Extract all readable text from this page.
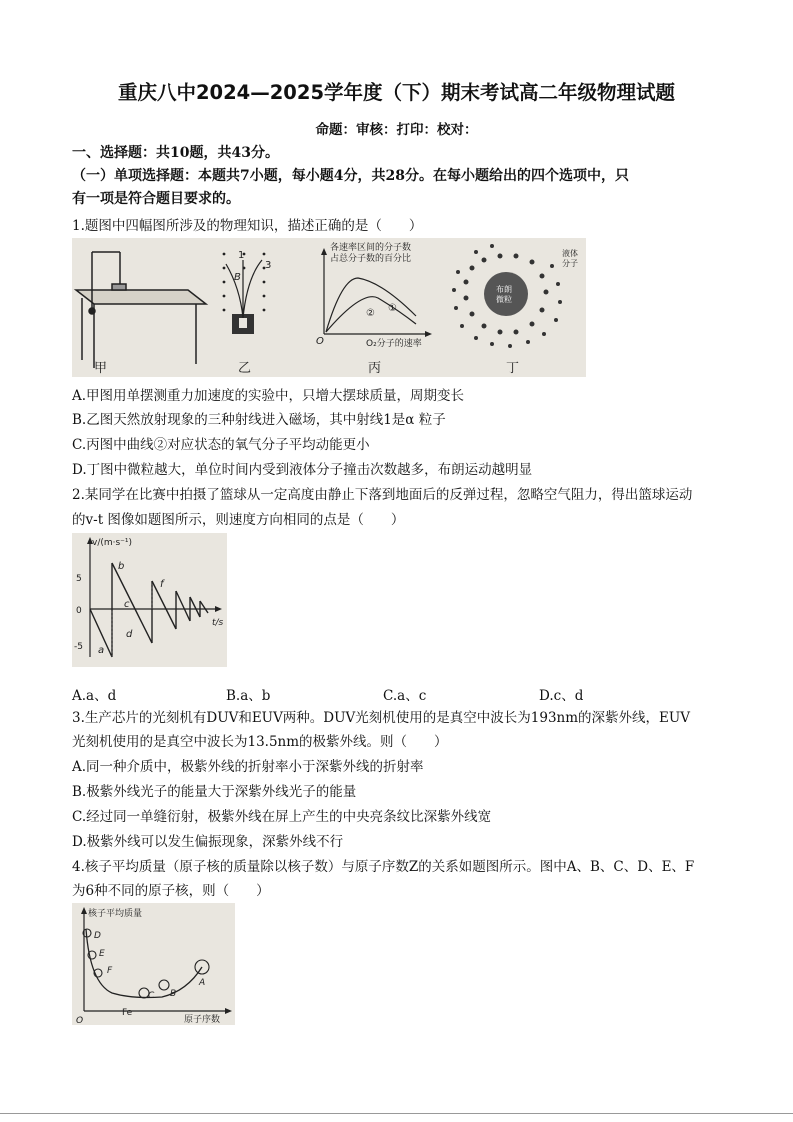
重庆八中2024—2025学年度（下）期末考试高二年级物理试题
命题：审核：打印：校对：
一、选择题：共10题，共43分。
（一）单项选择题：本题共7小题，每小题4分，共28分。在每小题给出的四个选项中，只
有一项是符合题目要求的。
1.题图中四幅图所涉及的物理知识，描述正确的是（　　）
甲
B
3
1
乙
各速率区间的分子数
占总分子数的百分比
①
②
O	O₂分子的速率
丙
布朗
微粒
液体
分子
丁
A.甲图用单摆测重力加速度的实验中，只增大摆球质量，周期变长
B.乙图天然放射现象的三种射线进入磁场，其中射线1是α 粒子
C.丙图中曲线②对应状态的氧气分子平均动能更小
D.丁图中微粒越大，单位时间内受到液体分子撞击次数越多，布朗运动越明显
2.某同学在比赛中拍摄了篮球从一定高度由静止下落到地面后的反弹过程，忽略空气阻力，得出篮球运动
的v-t 图像如题图所示，则速度方向相同的点是（　　）
v/(m·s⁻¹)
t/s
5
0
-5
b
f
c
d
a
A.a、d	B.a、b	C.a、c	D.c、d
3.生产芯片的光刻机有DUV和EUV两种。DUV光刻机使用的是真空中波长为193nm的深紫外线，EUV
光刻机使用的是真空中波长为13.5nm的极紫外线。则（　　）
A.同一种介质中，极紫外线的折射率小于深紫外线的折射率
B.极紫外线光子的能量大于深紫外线光子的能量
C.经过同一单缝衍射，极紫外线在屏上产生的中央亮条纹比深紫外线宽
D.极紫外线可以发生偏振现象，深紫外线不行
4.核子平均质量（原子核的质量除以核子数）与原子序数Z的关系如题图所示。图中A、B、C、D、E、F
为6种不同的原子核，则（　　）
核子平均质量
原子序数
O
Fe
D
E
F
C B
A
